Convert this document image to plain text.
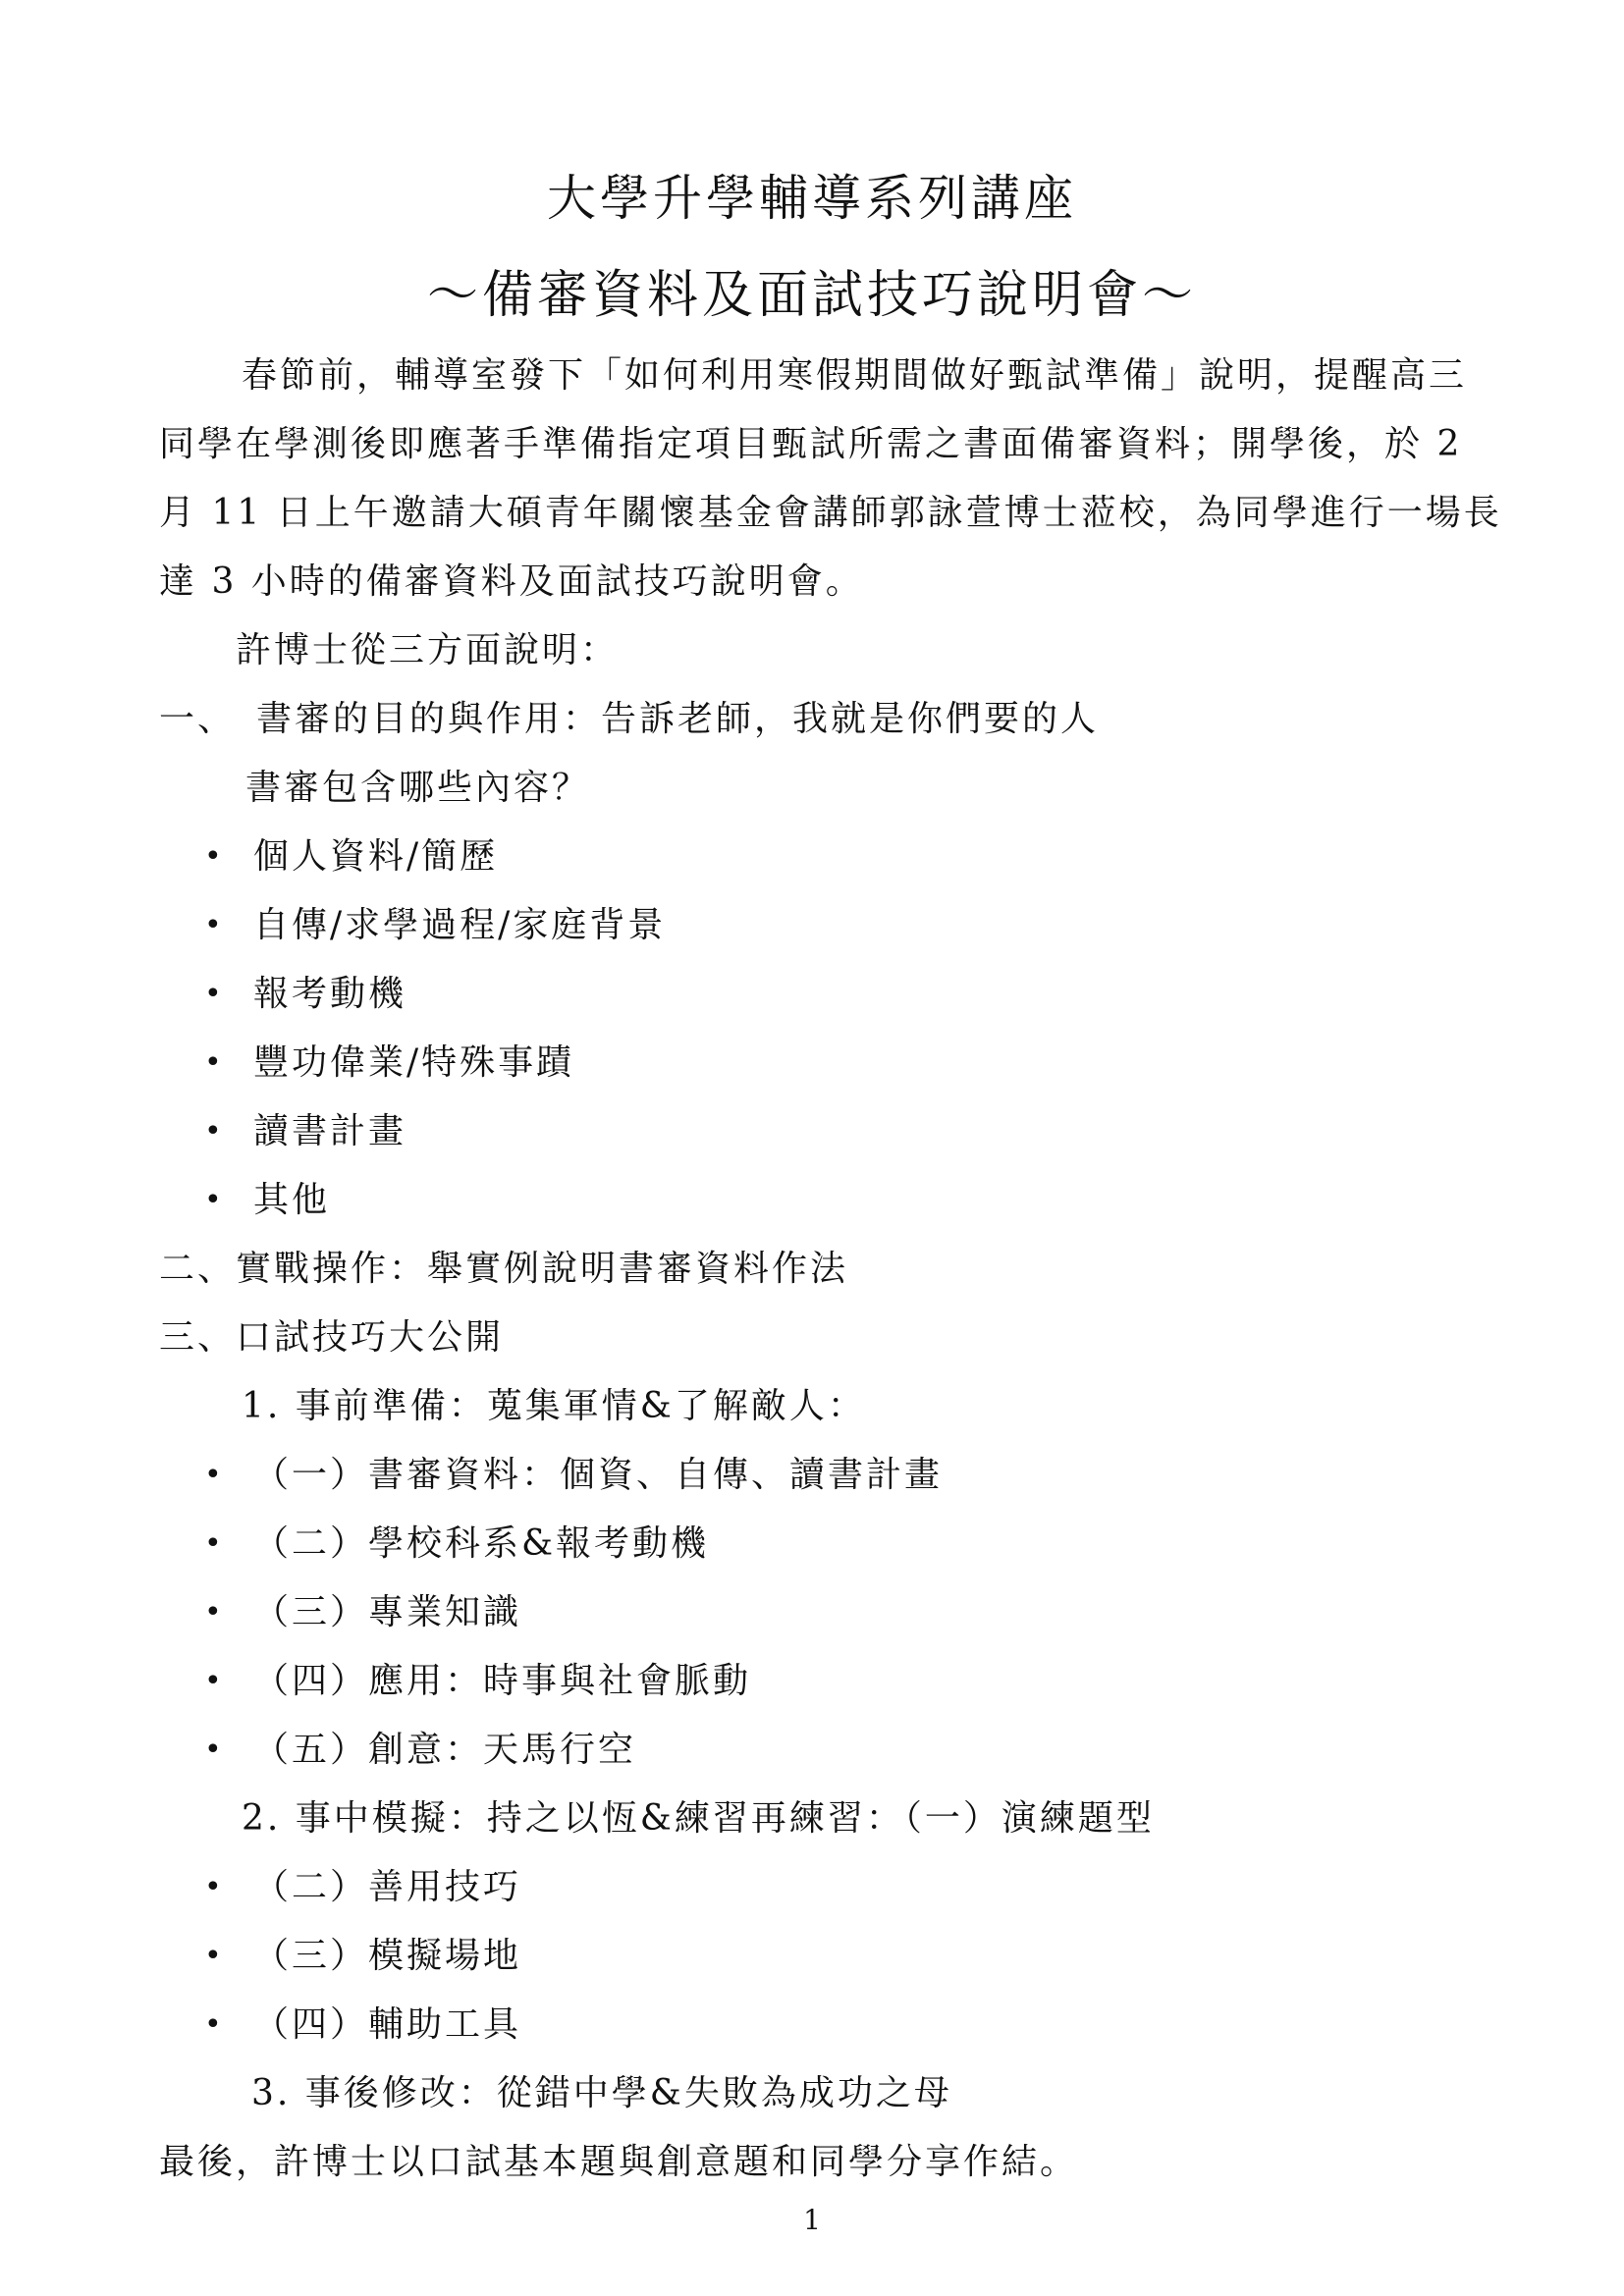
大學升學輔導系列講座
～備審資料及面試技巧說明會～
春節前，輔導室發下「如何利用寒假期間做好甄試準備」說明，提醒高三
同學在學測後即應著手準備指定項目甄試所需之書面備審資料；開學後，於 2
月 11 日上午邀請大碩青年關懷基金會講師郭詠萱博士蒞校，為同學進行一場長
達 3 小時的備審資料及面試技巧說明會。
許博士從三方面說明：
一、　書審的目的與作用：告訴老師，我就是你們要的人
書審包含哪些內容？
• 個人資料/簡歷
• 自傳/求學過程/家庭背景
• 報考動機
• 豐功偉業/特殊事蹟
• 讀書計畫
• 其他
二、實戰操作：舉實例說明書審資料作法
三、口試技巧大公開
1. 事前準備：蒐集軍情&了解敵人：
• （一）書審資料：個資、自傳、讀書計畫
• （二）學校科系&報考動機
• （三）專業知識
• （四）應用：時事與社會脈動
• （五）創意：天馬行空
2. 事中模擬：持之以恆&練習再練習：（一）演練題型
• （二）善用技巧
• （三）模擬場地
• （四）輔助工具
3. 事後修改：從錯中學&失敗為成功之母
最後，許博士以口試基本題與創意題和同學分享作結。
1
